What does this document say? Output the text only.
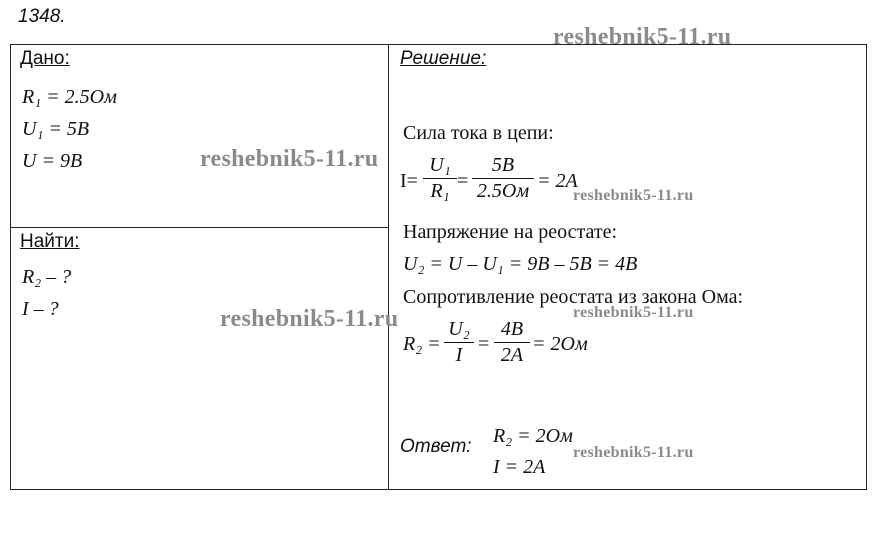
1348.
Дано:
R₁ = 2.5Ом
U₁ = 5B
U = 9B
Найти:
R₂ – ?
I – ?
Решение:
Сила тока в цепи:
I=
U₁
R₁ =
5B
2.5Ом = 2A
Напряжение на реостате:
U₂ = U – U₁ = 9B – 5B = 4B
Сопротивление реостата из закона Ома:
R₂ =
U₂
I =
4B
2A = 2Ом
Ответ: R₂ = 2Ом
I = 2A
reshebnik5-11.ru
reshebnik5-11.ru
reshebnik5-11.ru
reshebnik5-11.ru
reshebnik5-11.ru
reshebnik5-11.ru
